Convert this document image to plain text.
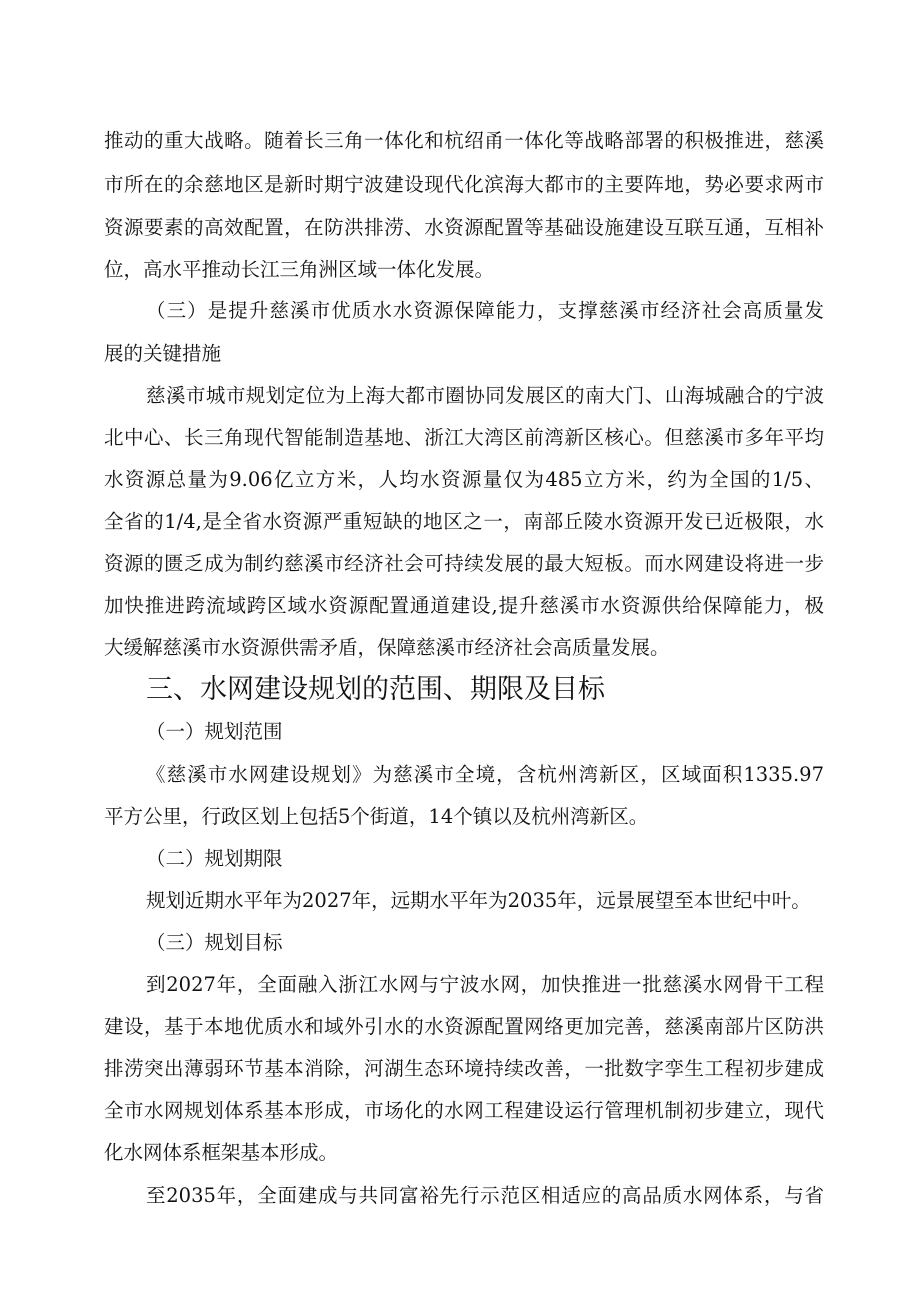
推动的重大战略。随着长三角一体化和杭绍甬一体化等战略部署的积极推进，慈溪
市所在的余慈地区是新时期宁波建设现代化滨海大都市的主要阵地，势必要求两市
资源要素的高效配置，在防洪排涝、水资源配置等基础设施建设互联互通，互相补
位，高水平推动长江三角洲区域一体化发展。
（三）是提升慈溪市优质水水资源保障能力，支撑慈溪市经济社会高质量发
展的关键措施
慈溪市城市规划定位为上海大都市圈协同发展区的南大门、山海城融合的宁波
北中心、长三角现代智能制造基地、浙江大湾区前湾新区核心。但慈溪市多年平均
水资源总量为9.06亿立方米，人均水资源量仅为485立方米，约为全国的1/5、
全省的1/4,是全省水资源严重短缺的地区之一，南部丘陵水资源开发已近极限，水
资源的匮乏成为制约慈溪市经济社会可持续发展的最大短板。而水网建设将进一步
加快推进跨流域跨区域水资源配置通道建设,提升慈溪市水资源供给保障能力，极
大缓解慈溪市水资源供需矛盾，保障慈溪市经济社会高质量发展。
三、水网建设规划的范围、期限及目标
（一）规划范围
《慈溪市水网建设规划》为慈溪市全境，含杭州湾新区，区域面积1335.97
平方公里，行政区划上包括5个街道，14个镇以及杭州湾新区。
（二）规划期限
规划近期水平年为2027年，远期水平年为2035年，远景展望至本世纪中叶。
（三）规划目标
到2027年，全面融入浙江水网与宁波水网，加快推进一批慈溪水网骨干工程
建设，基于本地优质水和域外引水的水资源配置网络更加完善，慈溪南部片区防洪
排涝突出薄弱环节基本消除，河湖生态环境持续改善，一批数字孪生工程初步建成
全市水网规划体系基本形成，市场化的水网工程建设运行管理机制初步建立，现代
化水网体系框架基本形成。
至2035年，全面建成与共同富裕先行示范区相适应的高品质水网体系，与省
